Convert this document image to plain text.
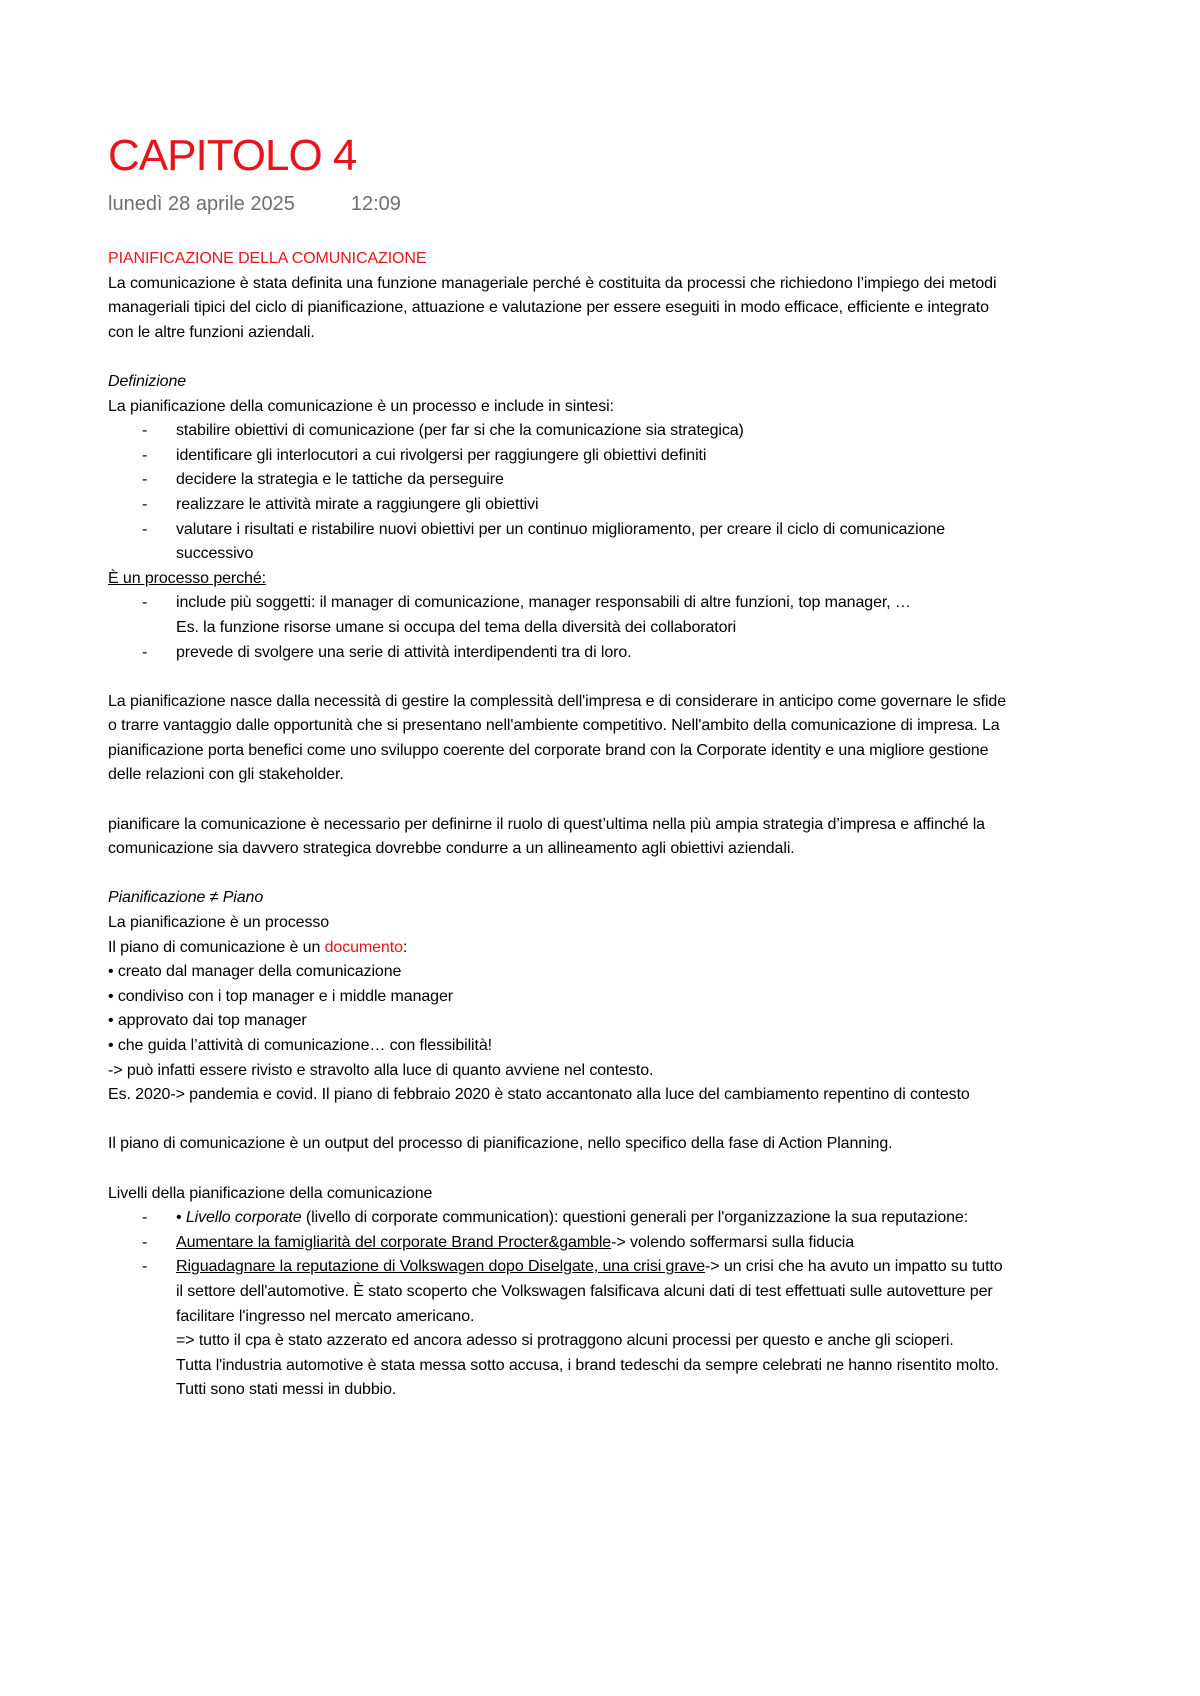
CAPITOLO 4
lunedì 28 aprile 2025	12:09

PIANIFICAZIONE DELLA COMUNICAZIONE

La comunicazione è stata definita una funzione manageriale perché è costituita da processi che richiedono l’impiego dei metodi manageriali tipici del ciclo di pianificazione, attuazione e valutazione per essere eseguiti in modo efficace, efficiente e integrato con le altre funzioni aziendali.

Definizione

La pianificazione della comunicazione è un processo e include in sintesi:

- stabilire obiettivi di comunicazione (per far si che la comunicazione sia strategica)
- identificare gli interlocutori a cui rivolgersi per raggiungere gli obiettivi definiti
- decidere la strategia e le tattiche da perseguire
- realizzare le attività mirate a raggiungere gli obiettivi
- valutare i risultati e ristabilire nuovi obiettivi per un continuo miglioramento, per creare il ciclo di comunicazione successivo

È un processo perché:

- include più soggetti: il manager di comunicazione, manager responsabili di altre funzioni, top manager, …

Es. la funzione risorse umane si occupa del tema della diversità dei collaboratori

- prevede di svolgere una serie di attività interdipendenti tra di loro.

La pianificazione nasce dalla necessità di gestire la complessità dell'impresa e di considerare in anticipo come governare le sfide o trarre vantaggio dalle opportunità che si presentano nell'ambiente competitivo. Nell'ambito della comunicazione di impresa. La pianificazione porta benefici come uno sviluppo coerente del corporate brand con la Corporate identity e una migliore gestione delle relazioni con gli stakeholder.

pianificare la comunicazione è necessario per definirne il ruolo di quest’ultima nella più ampia strategia d’impresa e affinché la comunicazione sia davvero strategica dovrebbe condurre a un allineamento agli obiettivi aziendali.

Pianificazione ≠ Piano

La pianificazione è un processo

Il piano di comunicazione è un documento:

• creato dal manager della comunicazione

• condiviso con i top manager e i middle manager

• approvato dai top manager

• che guida l’attività di comunicazione… con flessibilità!

-> può infatti essere rivisto e stravolto alla luce di quanto avviene nel contesto.

Es. 2020-> pandemia e covid. Il piano di febbraio 2020 è stato accantonato alla luce del cambiamento repentino di contesto

Il piano di comunicazione è un output del processo di pianificazione, nello specifico della fase di Action Planning.

Livelli della pianificazione della comunicazione

- • Livello corporate (livello di corporate communication): questioni generali per l'organizzazione la sua reputazione:
- Aumentare la famigliarità del corporate Brand Procter&gamble-> volendo soffermarsi sulla fiducia
- Riguadagnare la reputazione di Volkswagen dopo Diselgate, una crisi grave-> un crisi che ha avuto un impatto su tutto il settore dell'automotive. È stato scoperto che Volkswagen falsificava alcuni dati di test effettuati sulle autovetture per facilitare l'ingresso nel mercato americano.

=> tutto il cpa è stato azzerato ed ancora adesso si protraggono alcuni processi per questo e anche gli scioperi.

Tutta l'industria automotive è stata messa sotto accusa, i brand tedeschi da sempre celebrati ne hanno risentito molto. Tutti sono stati messi in dubbio.
